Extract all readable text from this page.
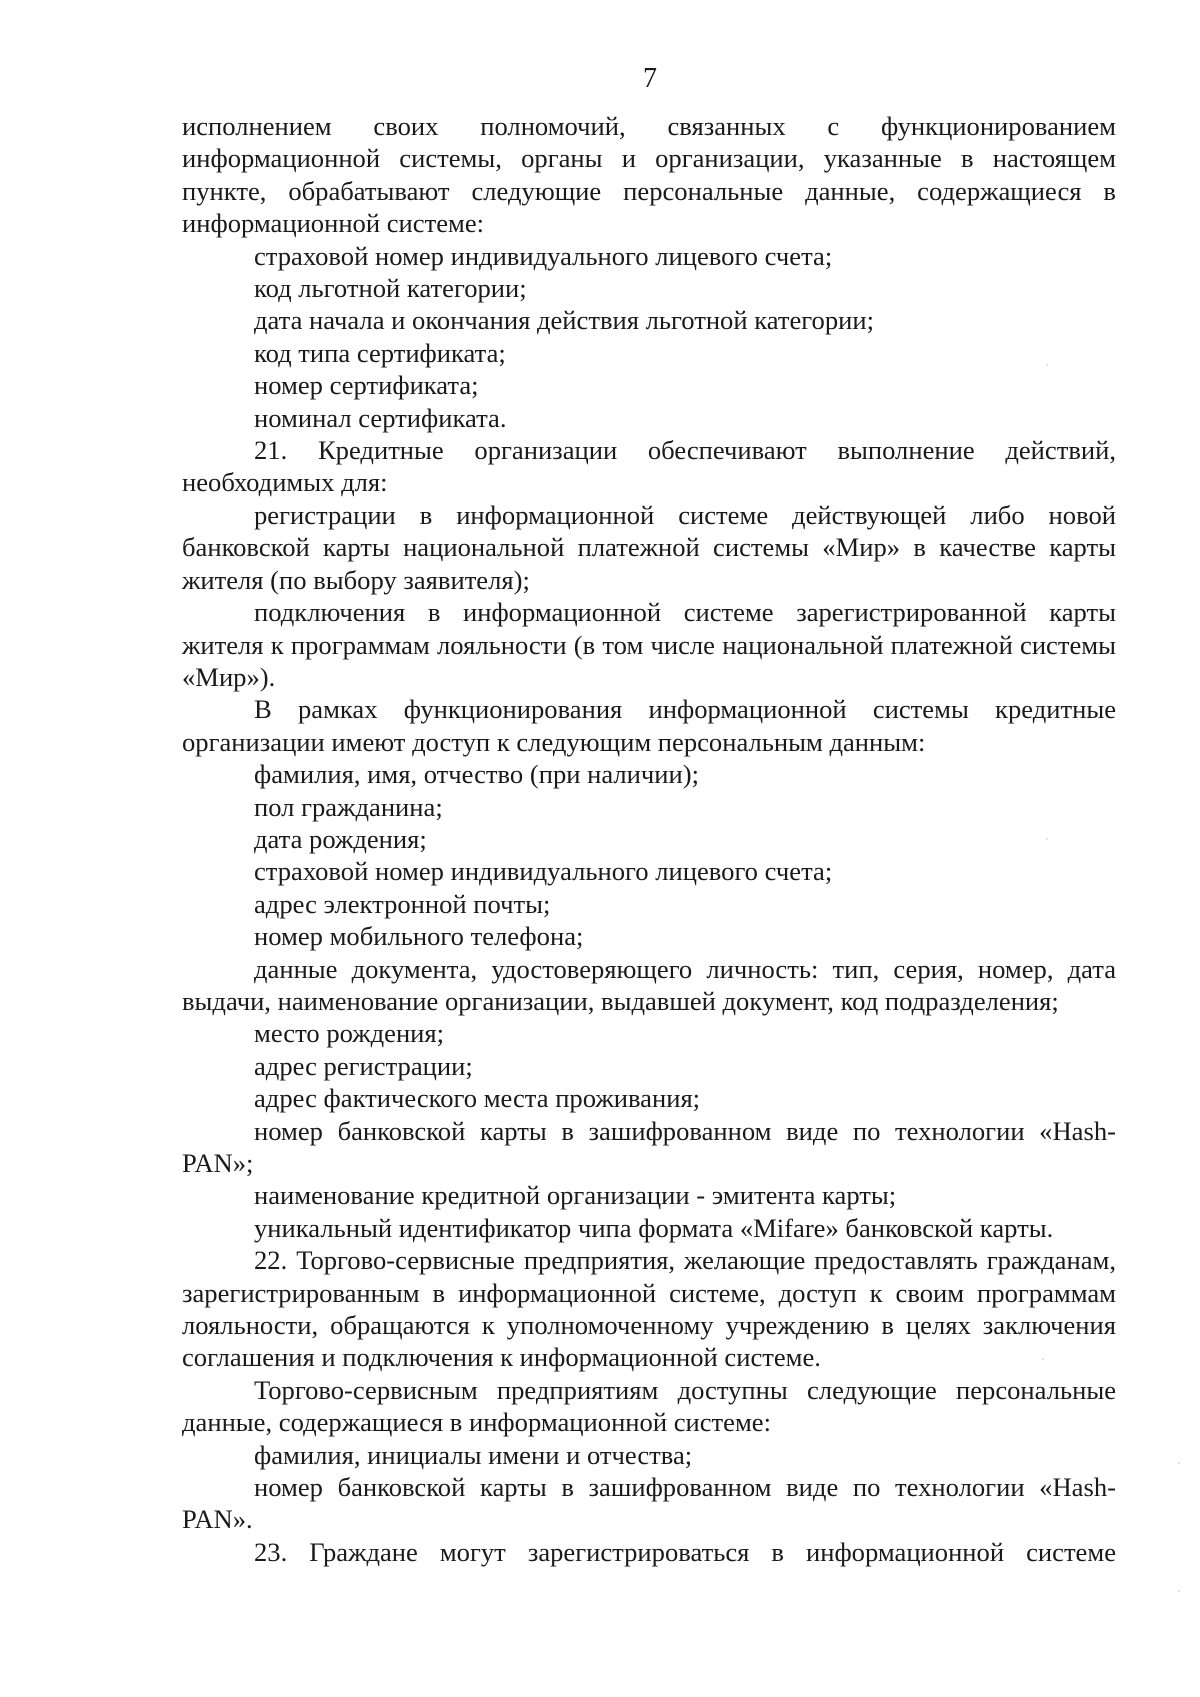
7

исполнением своих полномочий, связанных с функционированием информационной системы, органы и организации, указанные в настоящем пункте, обрабатывают следующие персональные данные, содержащиеся в информационной системе:

страховой номер индивидуального лицевого счета;

код льготной категории;

дата начала и окончания действия льготной категории;

код типа сертификата;

номер сертификата;

номинал сертификата.

21. Кредитные организации обеспечивают выполнение действий, необходимых для:

регистрации в информационной системе действующей либо новой банковской карты национальной платежной системы «Мир» в качестве карты жителя (по выбору заявителя);

подключения в информационной системе зарегистрированной карты жителя к программам лояльности (в том числе национальной платежной системы «Мир»).

В рамках функционирования информационной системы кредитные организации имеют доступ к следующим персональным данным:

фамилия, имя, отчество (при наличии);

пол гражданина;

дата рождения;

страховой номер индивидуального лицевого счета;

адрес электронной почты;

номер мобильного телефона;

данные документа, удостоверяющего личность: тип, серия, номер, дата выдачи, наименование организации, выдавшей документ, код подразделения;

место рождения;

адрес регистрации;

адрес фактического места проживания;

номер банковской карты в зашифрованном виде по технологии «Hash-PAN»;

наименование кредитной организации - эмитента карты;

уникальный идентификатор чипа формата «Mifare» банковской карты.

22. Торгово-сервисные предприятия, желающие предоставлять гражданам, зарегистрированным в информационной системе, доступ к своим программам лояльности, обращаются к уполномоченному учреждению в целях заключения соглашения и подключения к информационной системе.

Торгово-сервисным предприятиям доступны следующие персональные данные, содержащиеся в информационной системе:

фамилия, инициалы имени и отчества;

номер банковской карты в зашифрованном виде по технологии «Hash-PAN».

23. Граждане могут зарегистрироваться в информационной системе
